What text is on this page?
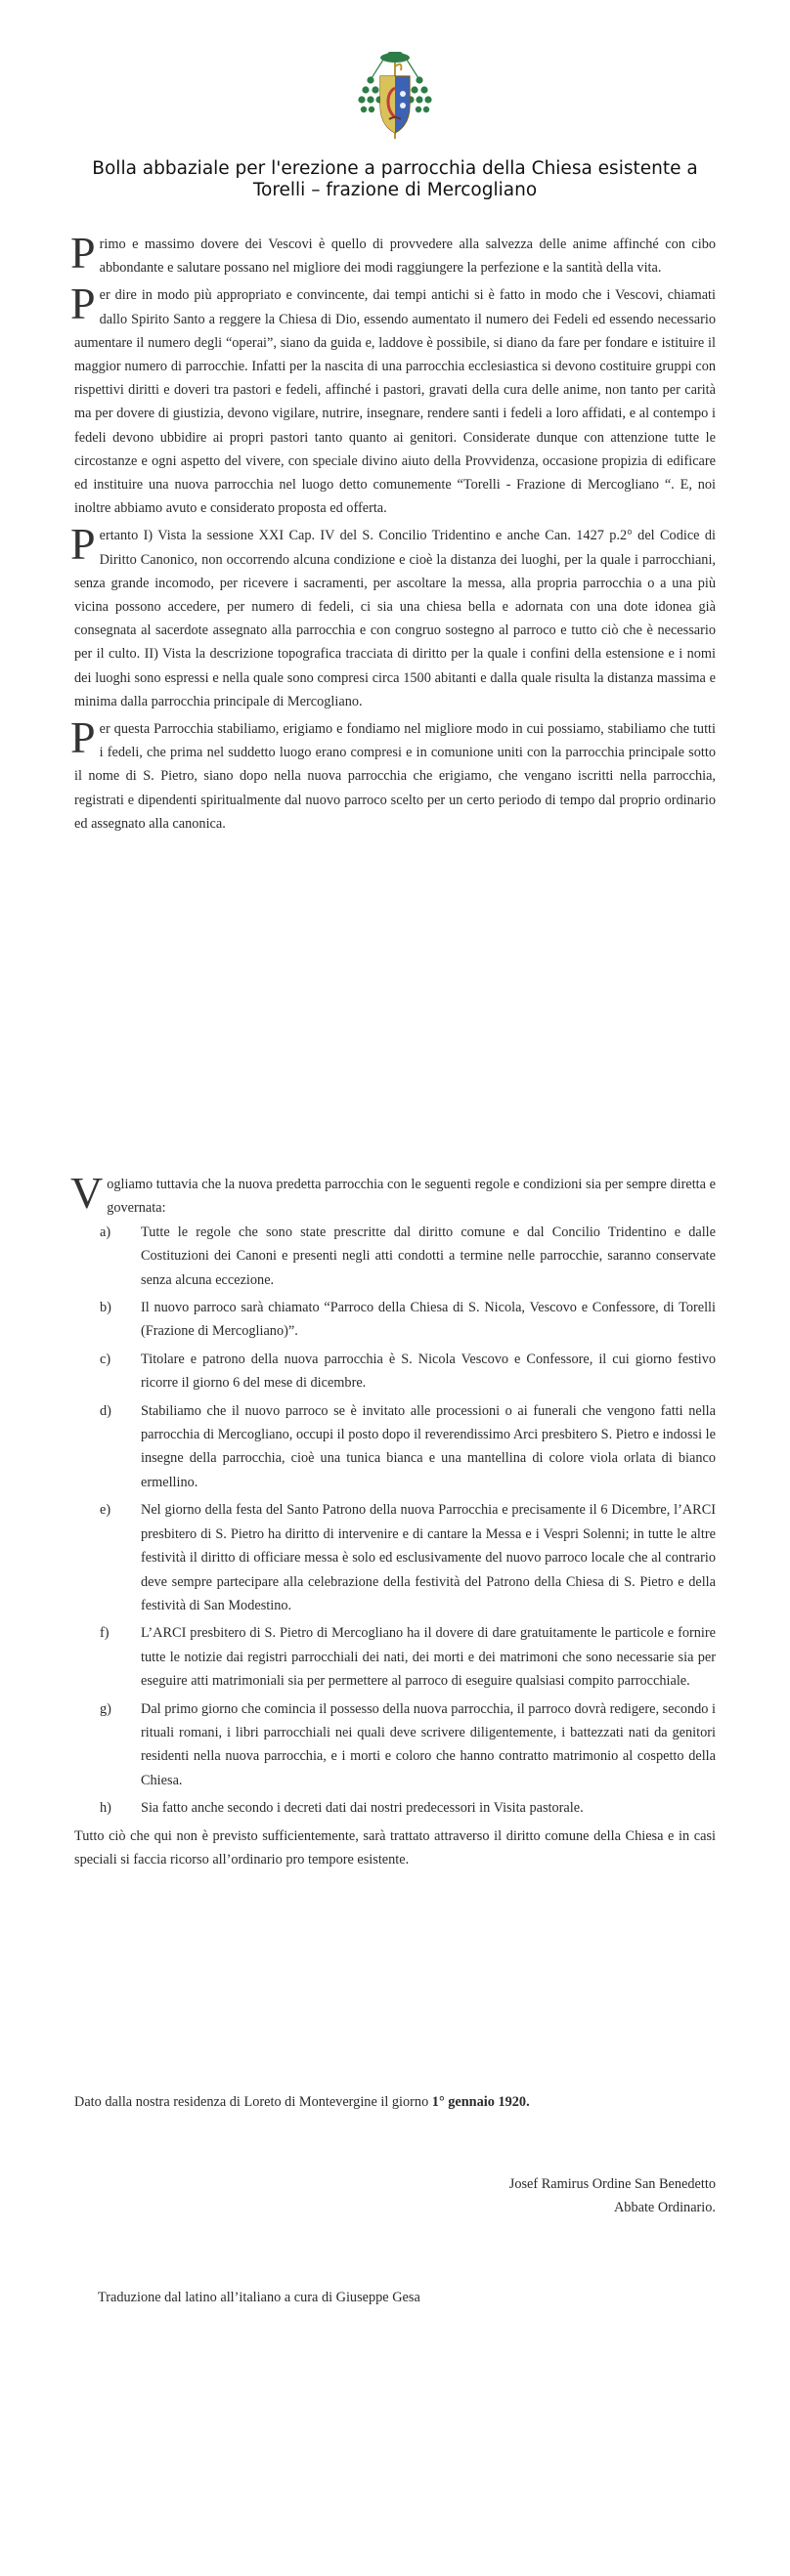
Bolla abbaziale per l'erezione a parrocchia della Chiesa esistente a
Torelli – frazione di Mercogliano

Primo e massimo dovere dei Vescovi è quello di provvedere alla salvezza delle anime affinché con cibo abbondante e salutare possano nel migliore dei modi raggiungere la perfezione e la santità della vita.

Per dire in modo più appropriato e convincente, dai tempi antichi si è fatto in modo che i Vescovi, chiamati dallo Spirito Santo a reggere la Chiesa di Dio, essendo aumentato il numero dei Fedeli ed essendo necessario aumentare il numero degli “operai”, siano da guida e, laddove è possibile, si diano da fare per fondare e istituire il maggior numero di parrocchie. Infatti per la nascita di una parrocchia ecclesiastica si devono costituire gruppi con rispettivi diritti e doveri tra pastori e fedeli, affinché i pastori, gravati della cura delle anime, non tanto per carità ma per dovere di giustizia, devono vigilare, nutrire, insegnare, rendere santi i fedeli a loro affidati, e al contempo i fedeli devono ubbidire ai propri pastori tanto quanto ai genitori. Considerate dunque con attenzione tutte le circostanze e ogni aspetto del vivere, con speciale divino aiuto della Provvidenza, occasione propizia di edificare ed instituire una nuova parrocchia nel luogo detto comunemente “Torelli - Frazione di Mercogliano “. E, noi inoltre abbiamo avuto e considerato proposta ed offerta.

Pertanto I) Vista la sessione XXI Cap. IV del S. Concilio Tridentino e anche Can. 1427 p.2° del Codice di Diritto Canonico, non occorrendo alcuna condizione e cioè la distanza dei luoghi, per la quale i parrocchiani, senza grande incomodo, per ricevere i sacramenti, per ascoltare la messa, alla propria parrocchia o a una più vicina possono accedere, per numero di fedeli, ci sia una chiesa bella e adornata con una dote idonea già consegnata al sacerdote assegnato alla parrocchia e con congruo sostegno al parroco e tutto ciò che è necessario per il culto. II) Vista la descrizione topografica tracciata di diritto per la quale i confini della estensione e i nomi dei luoghi sono espressi e nella quale sono compresi circa 1500 abitanti e dalla quale risulta la distanza massima e minima dalla parrocchia principale di Mercogliano.

Per questa Parrocchia stabiliamo, erigiamo e fondiamo nel migliore modo in cui possiamo, stabiliamo che tutti i fedeli, che prima nel suddetto luogo erano compresi e in comunione uniti con la parrocchia principale sotto il nome di S. Pietro, siano dopo nella nuova parrocchia che erigiamo, che vengano iscritti nella parrocchia, registrati e dipendenti spiritualmente dal nuovo parroco scelto per un certo periodo di tempo dal proprio ordinario ed assegnato alla canonica.

Vogliamo tuttavia che la nuova predetta parrocchia con le seguenti regole e condizioni sia per sempre diretta e governata:

a) Tutte le regole che sono state prescritte dal diritto comune e dal Concilio Tridentino e dalle Costituzioni dei Canoni e presenti negli atti condotti a termine nelle parrocchie, saranno conservate senza alcuna eccezione.
b) Il nuovo parroco sarà chiamato “Parroco della Chiesa di S. Nicola, Vescovo e Confessore, di Torelli (Frazione di Mercogliano)”.
c) Titolare e patrono della nuova parrocchia è S. Nicola Vescovo e Confessore, il cui giorno festivo ricorre il giorno 6 del mese di dicembre.
d) Stabiliamo che il nuovo parroco se è invitato alle processioni o ai funerali che vengono fatti nella parrocchia di Mercogliano, occupi il posto dopo il reverendissimo Arci presbitero S. Pietro e indossi le insegne della parrocchia, cioè una tunica bianca e una mantellina di colore viola orlata di bianco ermellino.
e) Nel giorno della festa del Santo Patrono della nuova Parrocchia e precisamente il 6 Dicembre, l’ARCI presbitero di S. Pietro ha diritto di intervenire e di cantare la Messa e i Vespri Solenni; in tutte le altre festività il diritto di officiare messa è solo ed esclusivamente del nuovo parroco locale che al contrario deve sempre partecipare alla celebrazione della festività del Patrono della Chiesa di S. Pietro e della festività di San Modestino.
f) L’ARCI presbitero di S. Pietro di Mercogliano ha il dovere di dare gratuitamente le particole e fornire tutte le notizie dai registri parrocchiali dei nati, dei morti e dei matrimoni che sono necessarie sia per eseguire atti matrimoniali sia per permettere al parroco di eseguire qualsiasi compito parrocchiale.
g) Dal primo giorno che comincia il possesso della nuova parrocchia, il parroco dovrà redigere, secondo i rituali romani, i libri parrocchiali nei quali deve scrivere diligentemente, i battezzati nati da genitori residenti nella nuova parrocchia, e i morti e coloro che hanno contratto matrimonio al cospetto della Chiesa.
h) Sia fatto anche secondo i decreti dati dai nostri predecessori in Visita pastorale.

Tutto ciò che qui non è previsto sufficientemente, sarà trattato attraverso il diritto comune della Chiesa e in casi speciali si faccia ricorso all’ordinario pro tempore esistente.

Dato dalla nostra residenza di Loreto di Montevergine il giorno 1° gennaio 1920.
Josef Ramirus Ordine San Benedetto
Abbate Ordinario.
Traduzione dal latino all’italiano a cura di Giuseppe Gesa
